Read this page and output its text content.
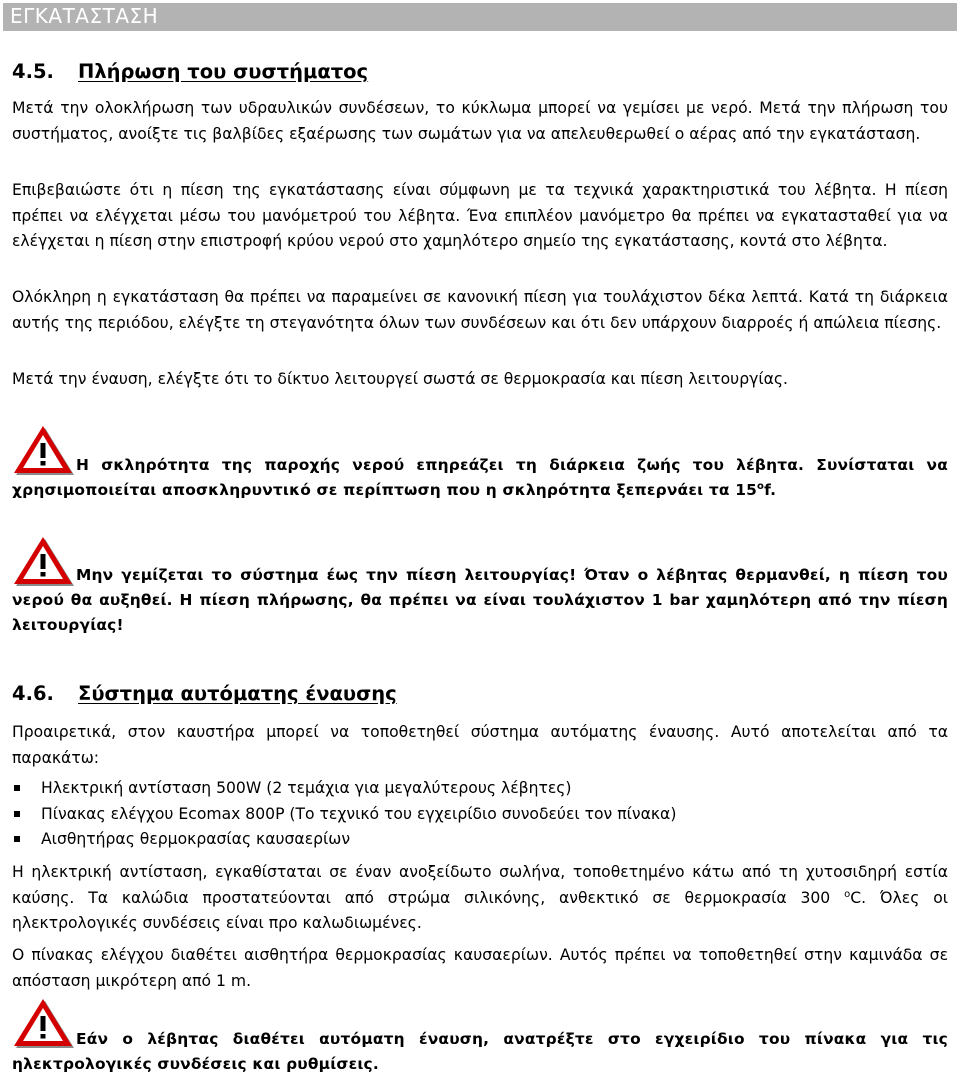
ΕΓΚΑΤΑΣΤΑΣΗ
4.5. Πλήρωση του συστήματος
Μετά την ολοκλήρωση των υδραυλικών συνδέσεων, το κύκλωμα μπορεί να γεμίσει με νερό. Μετά την πλήρωση του συστήματος, ανοίξτε τις βαλβίδες εξαέρωσης των σωμάτων για να απελευθερωθεί ο αέρας από την εγκατάσταση.
Επιβεβαιώστε ότι η πίεση της εγκατάστασης είναι σύμφωνη με τα τεχνικά χαρακτηριστικά του λέβητα. Η πίεση πρέπει να ελέγχεται μέσω του μανόμετρού του λέβητα. Ένα επιπλέον μανόμετρο θα πρέπει να εγκατασταθεί για να ελέγχεται η πίεση στην επιστροφή κρύου νερού στο χαμηλότερο σημείο της εγκατάστασης, κοντά στο λέβητα.
Ολόκληρη η εγκατάσταση θα πρέπει να παραμείνει σε κανονική πίεση για τουλάχιστον δέκα λεπτά. Κατά τη διάρκεια αυτής της περιόδου, ελέγξτε τη στεγανότητα όλων των συνδέσεων και ότι δεν υπάρχουν διαρροές ή απώλεια πίεσης.
Μετά την έναυση, ελέγξτε ότι το δίκτυο λειτουργεί σωστά σε θερμοκρασία και πίεση λειτουργίας.
Η σκληρότητα της παροχής νερού επηρεάζει τη διάρκεια ζωής του λέβητα. Συνίσταται να χρησιμοποιείται αποσκληρυντικό σε περίπτωση που η σκληρότητα ξεπερνάει τα 15$^o$f.
Μην γεμίζεται το σύστημα έως την πίεση λειτουργίας! Όταν ο λέβητας θερμανθεί, η πίεση του νερού θα αυξηθεί. Η πίεση πλήρωσης, θα πρέπει να είναι τουλάχιστον 1 bar χαμηλότερη από την πίεση λειτουργίας!
4.6. Σύστημα αυτόματης έναυσης
Προαιρετικά, στον καυστήρα μπορεί να τοποθετηθεί σύστημα αυτόματης έναυσης. Αυτό αποτελείται από τα παρακάτω:
Ηλεκτρική αντίσταση 500W (2 τεμάχια για μεγαλύτερους λέβητες)
Πίνακας ελέγχου Ecomax 800P (Το τεχνικό του εγχειρίδιο συνοδεύει τον πίνακα)
Αισθητήρας θερμοκρασίας καυσαερίων
Η ηλεκτρική αντίσταση, εγκαθίσταται σε έναν ανοξείδωτο σωλήνα, τοποθετημένο κάτω από τη χυτοσιδηρή εστία καύσης. Τα καλώδια προστατεύονται από στρώμα σιλικόνης, ανθεκτικό σε θερμοκρασία 300 $^o$C. Όλες οι ηλεκτρολογικές συνδέσεις είναι προ καλωδιωμένες.
Ο πίνακας ελέγχου διαθέτει αισθητήρα θερμοκρασίας καυσαερίων. Αυτός πρέπει να τοποθετηθεί στην καμινάδα σε απόσταση μικρότερη από 1 m.
Εάν ο λέβητας διαθέτει αυτόματη έναυση, ανατρέξτε στο εγχειρίδιο του πίνακα για τις ηλεκτρολογικές συνδέσεις και ρυθμίσεις.
